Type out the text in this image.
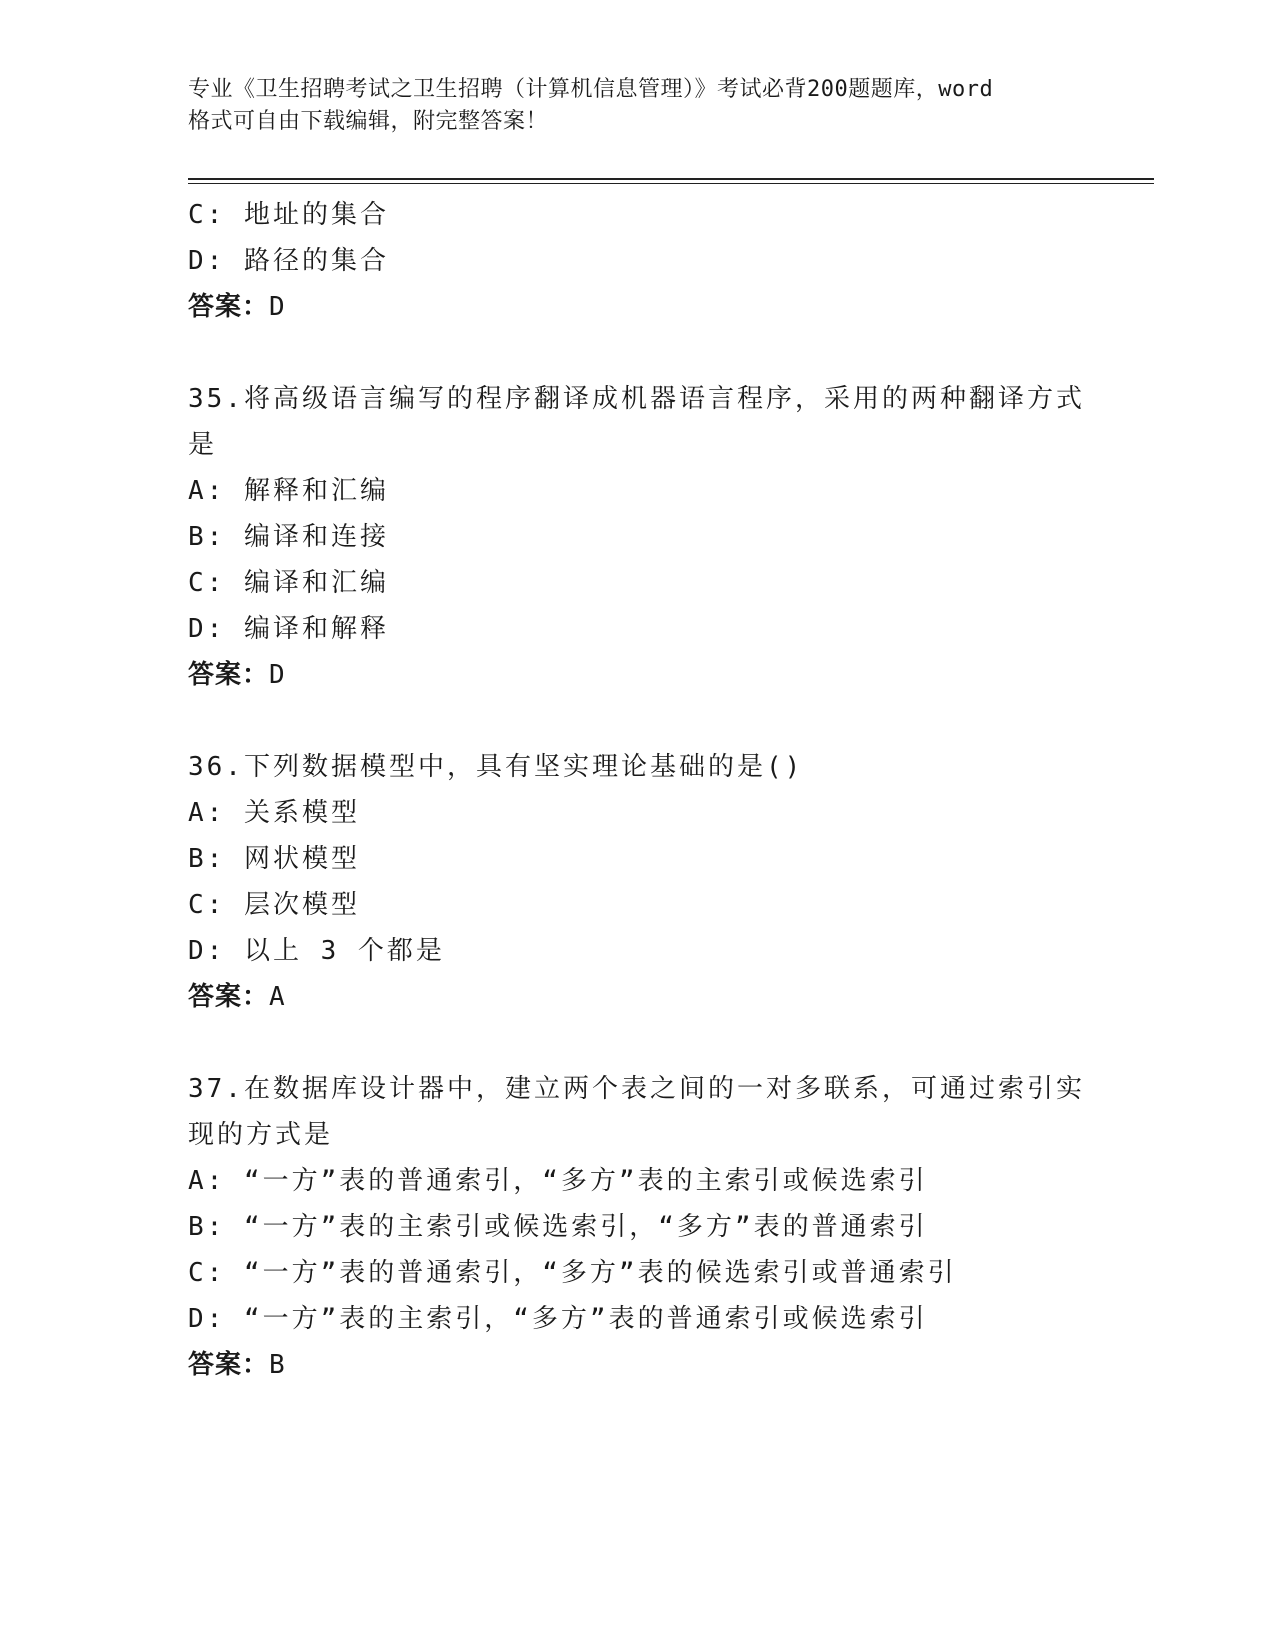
专业《卫生招聘考试之卫生招聘（计算机信息管理）》考试必背200题题库，word
格式可自由下载编辑，附完整答案！
C: 地址的集合
D: 路径的集合
答案：D
35.将高级语言编写的程序翻译成机器语言程序，采用的两种翻译方式
是
A: 解释和汇编
B: 编译和连接
C: 编译和汇编
D: 编译和解释
答案：D
36.下列数据模型中，具有坚实理论基础的是()
A: 关系模型
B: 网状模型
C: 层次模型
D: 以上 3 个都是
答案：A
37.在数据库设计器中，建立两个表之间的一对多联系，可通过索引实
现的方式是
A: “一方”表的普通索引，“多方”表的主索引或候选索引
B: “一方”表的主索引或候选索引，“多方”表的普通索引
C: “一方”表的普通索引，“多方”表的候选索引或普通索引
D: “一方”表的主索引，“多方”表的普通索引或候选索引
答案：B
